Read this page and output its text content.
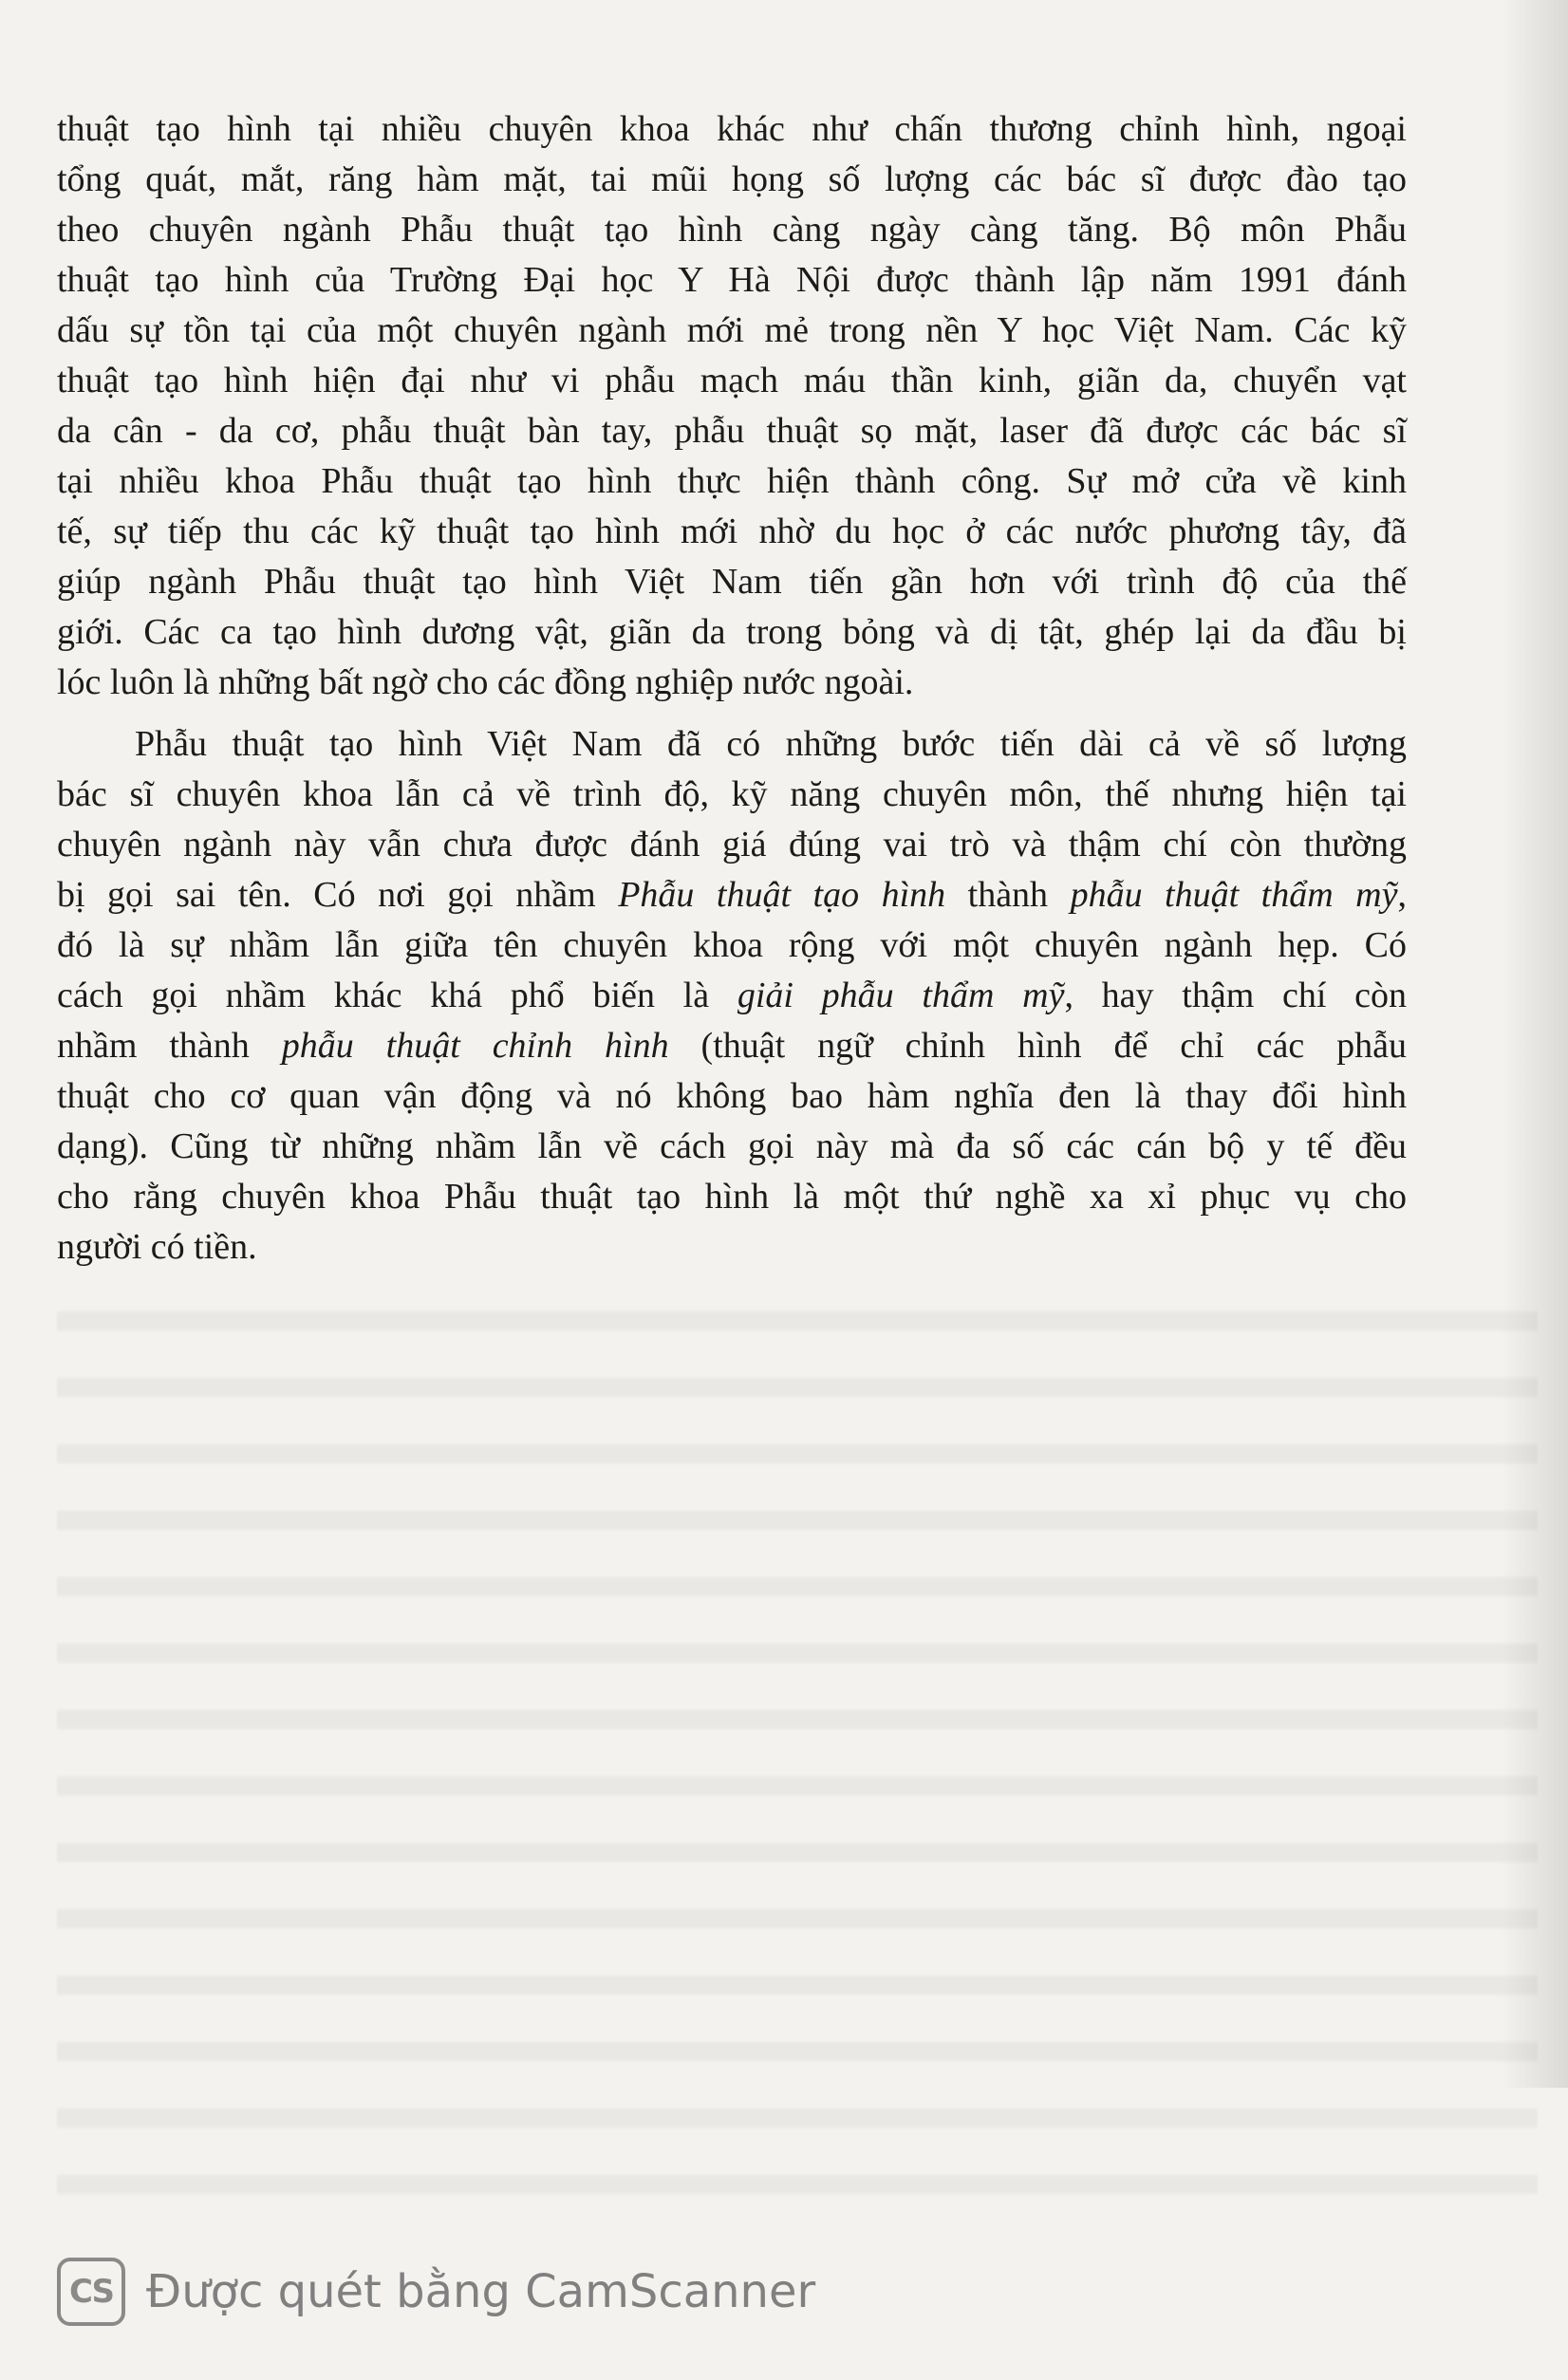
thuật tạo hình tại nhiều chuyên khoa khác như chấn thương chỉnh hình, ngoại
tổng quát, mắt, răng hàm mặt, tai mũi họng số lượng các bác sĩ được đào tạo
theo chuyên ngành Phẫu thuật tạo hình càng ngày càng tăng. Bộ môn Phẫu
thuật tạo hình của Trường Đại học Y Hà Nội được thành lập năm 1991 đánh
dấu sự tồn tại của một chuyên ngành mới mẻ trong nền Y học Việt Nam. Các kỹ
thuật tạo hình hiện đại như vi phẫu mạch máu thần kinh, giãn da, chuyển vạt
da cân - da cơ, phẫu thuật bàn tay, phẫu thuật sọ mặt, laser đã được các bác sĩ
tại nhiều khoa Phẫu thuật tạo hình thực hiện thành công. Sự mở cửa về kinh
tế, sự tiếp thu các kỹ thuật tạo hình mới nhờ du học ở các nước phương tây, đã
giúp ngành Phẫu thuật tạo hình Việt Nam tiến gần hơn với trình độ của thế
giới. Các ca tạo hình dương vật, giãn da trong bỏng và dị tật, ghép lại da đầu bị
lóc luôn là những bất ngờ cho các đồng nghiệp nước ngoài.
Phẫu thuật tạo hình Việt Nam đã có những bước tiến dài cả về số lượng
bác sĩ chuyên khoa lẫn cả về trình độ, kỹ năng chuyên môn, thế nhưng hiện tại
chuyên ngành này vẫn chưa được đánh giá đúng vai trò và thậm chí còn thường
bị gọi sai tên. Có nơi gọi nhầm Phẫu thuật tạo hình thành phẫu thuật thẩm mỹ,
đó là sự nhầm lẫn giữa tên chuyên khoa rộng với một chuyên ngành hẹp. Có
cách gọi nhầm khác khá phổ biến là giải phẫu thẩm mỹ, hay thậm chí còn
nhầm thành phẫu thuật chỉnh hình (thuật ngữ chỉnh hình để chỉ các phẫu
thuật cho cơ quan vận động và nó không bao hàm nghĩa đen là thay đổi hình
dạng). Cũng từ những nhầm lẫn về cách gọi này mà đa số các cán bộ y tế đều
cho rằng chuyên khoa Phẫu thuật tạo hình là một thứ nghề xa xỉ phục vụ cho
người có tiền.
CS Được quét bằng CamScanner
